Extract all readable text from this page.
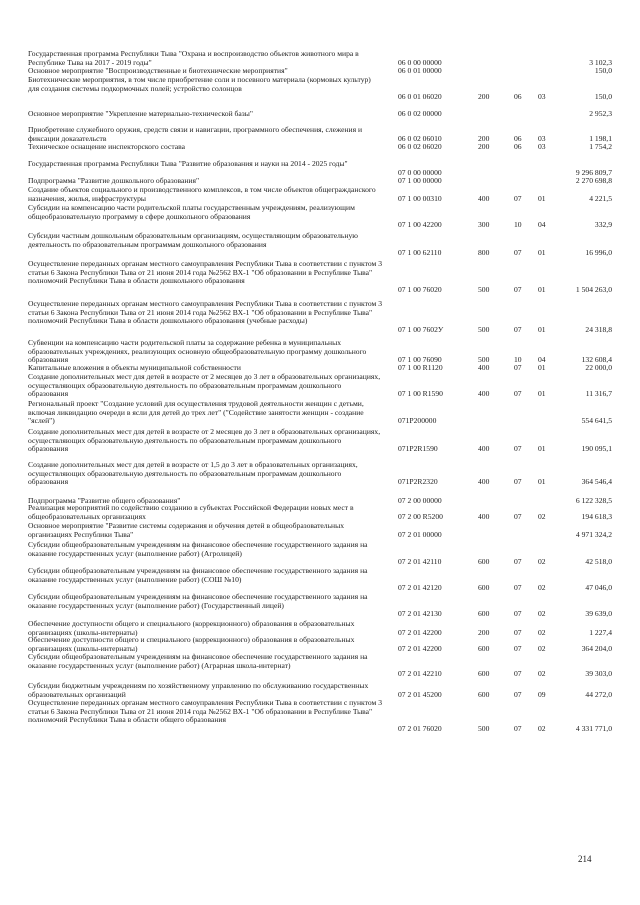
Государственная программа Республики Тыва "Охрана и воспроизводство объектов животного мира в Республике Тыва на 2017 - 2019 годы"	06 0 00 00000	3 102,3
Основное мероприятие "Воспроизводственные и биотехнические мероприятия"	06 0 01 00000	150,0
Биотехнические мероприятия, в том числе приобретение соли и посевного материала (кормовых культур) для создания системы подкормочных полей; устройство солонцов
06 0 01 06020	200	06 03	150,0
Основное мероприятие "Укрепление материально-технической базы"	06 0 02 00000	2 952,3
Приобретение служебного оружия, средств связи и навигации, программного обеспечения, слежения и фиксации доказательств	06 0 02 06010	200	06 03	1 198,1
Техническое оснащение инспекторского состава	06 0 02 06020	200	06 03	1 754,2
Государственная программа Республики Тыва "Развитие образования и науки на 2014 - 2025 годы"
07 0 00 00000	9 296 809,7
Подпрограмма "Развитие дошкольного образования"	07 1 00 00000	2 270 698,8
Создание объектов социального и производственного комплексов, в том числе объектов общегражданского назначения, жилья, инфраструктуры	07 1 00 00310	400	07 01	4 221,5
Субсидии на компенсацию части родительской платы государственным учреждениям, реализующим общеобразовательную программу в сфере дошкольного образования
07 1 00 42200	300	10 04	332,9
Субсидии частным дошкольным образовательным организациям, осуществляющим образовательную деятельность по образовательным программам дошкольного образования
07 1 00 62110	800	07 01	16 996,0
Осуществление переданных органам местного самоуправления Республики Тыва в соответствии с пунктом 3 статьи 6 Закона Республики Тыва от 21 июня 2014 года №2562 ВХ-1 "Об образовании в Республике Тыва" полномочий Республики Тыва в области дошкольного образования
07 1 00 76020	500	07 01	1 504 263,0
Осуществление переданных органам местного самоуправления Республики Тыва в соответствии с пунктом 3 статьи 6 Закона Республики Тыва от 21 июня 2014 года №2562 ВХ-1 "Об образовании в Республике Тыва" полномочий Республики Тыва в области дошкольного образования (учебные расходы)
07 1 00 7602У	500	07 01	24 318,8
Субвенции на компенсацию части родительской платы за содержание ребенка в муниципальных образовательных учреждениях, реализующих основную общеобразовательную программу дошкольного образования	07 1 00 76090	500	10 04	132 608,4
Капитальные вложения в объекты муниципальной собственности	07 1 00 R1120	400	07 01	22 000,0
Создание дополнительных мест для детей в возрасте от 2 месяцев до 3 лет в образовательных организациях, осуществляющих образовательную деятельность по образовательным программам дошкольного образования	07 1 00 R1590	400	07 01	11 316,7
Региональный проект "Создание условий для осуществления трудовой деятельности женщин с детьми, включая ликвидацию очереди в ясли для детей до трех лет" ("Содействие занятости женщин - создание "яслей")	071P200000	554 641,5
Создание дополнительных мест для детей в возрасте от 2 месяцев до 3 лет в образовательных организациях, осуществляющих образовательную деятельность по образовательным программам дошкольного образования	071P2R1590	400	07 01	190 095,1
Создание дополнительных мест для детей в возрасте от 1,5 до 3 лет в образовательных организациях, осуществляющих образовательную деятельность по образовательным программам дошкольного образования	071P2R2320	400	07 01	364 546,4
Подпрограмма "Развитие общего образования"	07 2 00 00000	6 122 328,5
Реализация мероприятий по содействию созданию в субъектах Российской Федерации новых мест в общеобразовательных организациях	07 2 00 R5200	400	07 02	194 618,3
Основное мероприятие "Развитие системы содержания и обучения детей в общеобразовательных организациях Республики Тыва"	07 2 01 00000	4 971 324,2
Субсидии общеобразовательным учреждениям на финансовое обеспечение государственного задания на оказание государственных услуг (выполнение работ) (Агролицей)
07 2 01 42110	600	07 02	42 518,0
Субсидии общеобразовательным учреждениям на финансовое обеспечение государственного задания на оказание государственных услуг (выполнение работ) (СОШ №10)
07 2 01 42120	600	07 02	47 046,0
Субсидии общеобразовательным учреждениям на финансовое обеспечение государственного задания на оказание государственных услуг (выполнение работ) (Государственный лицей)
07 2 01 42130	600	07 02	39 639,0
Обеспечение доступности общего и специального (коррекционного) образования в образовательных организациях (школы-интернаты)	07 2 01 42200	200	07 02	1 227,4
Обеспечение доступности общего и специального (коррекционного) образования в образовательных организациях (школы-интернаты)	07 2 01 42200	600	07 02	364 204,0
Субсидии общеобразовательным учреждениям на финансовое обеспечение государственного задания на оказание государственных услуг (выполнение работ) (Аграрная школа-интернат)
07 2 01 42210	600	07 02	39 303,0
Субсидии бюджетным учреждениям по хозяйственному управлению по обслуживанию государственных образовательных организаций	07 2 01 45200	600	07 09	44 272,0
Осуществление переданных органам местного самоуправления Республики Тыва в соответствии с пунктом 3 статьи 6 Закона Республики Тыва от 21 июня 2014 года №2562 ВХ-1 "Об образовании в Республике Тыва" полномочий Республики Тыва в области общего образования
07 2 01 76020	500	07 02	4 331 771,0
214
